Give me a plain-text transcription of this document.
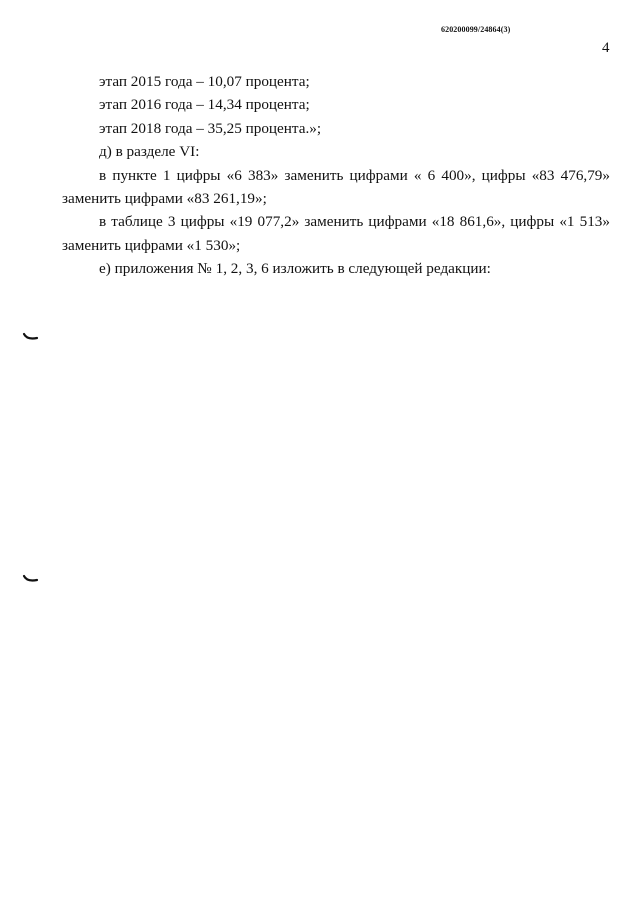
620200099/24864(3)
4

этап 2015 года – 10,07 процента;

этап 2016 года – 14,34 процента;

этап 2018 года – 35,25 процента.»;

д) в разделе VI:

в пункте 1 цифры «6 383» заменить цифрами « 6 400», цифры «83 476,79» заменить цифрами «83 261,19»;

в таблице 3 цифры «19 077,2» заменить цифрами «18 861,6», цифры «1 513» заменить цифрами «1 530»;

е) приложения № 1, 2, 3, 6 изложить в следующей редакции:
